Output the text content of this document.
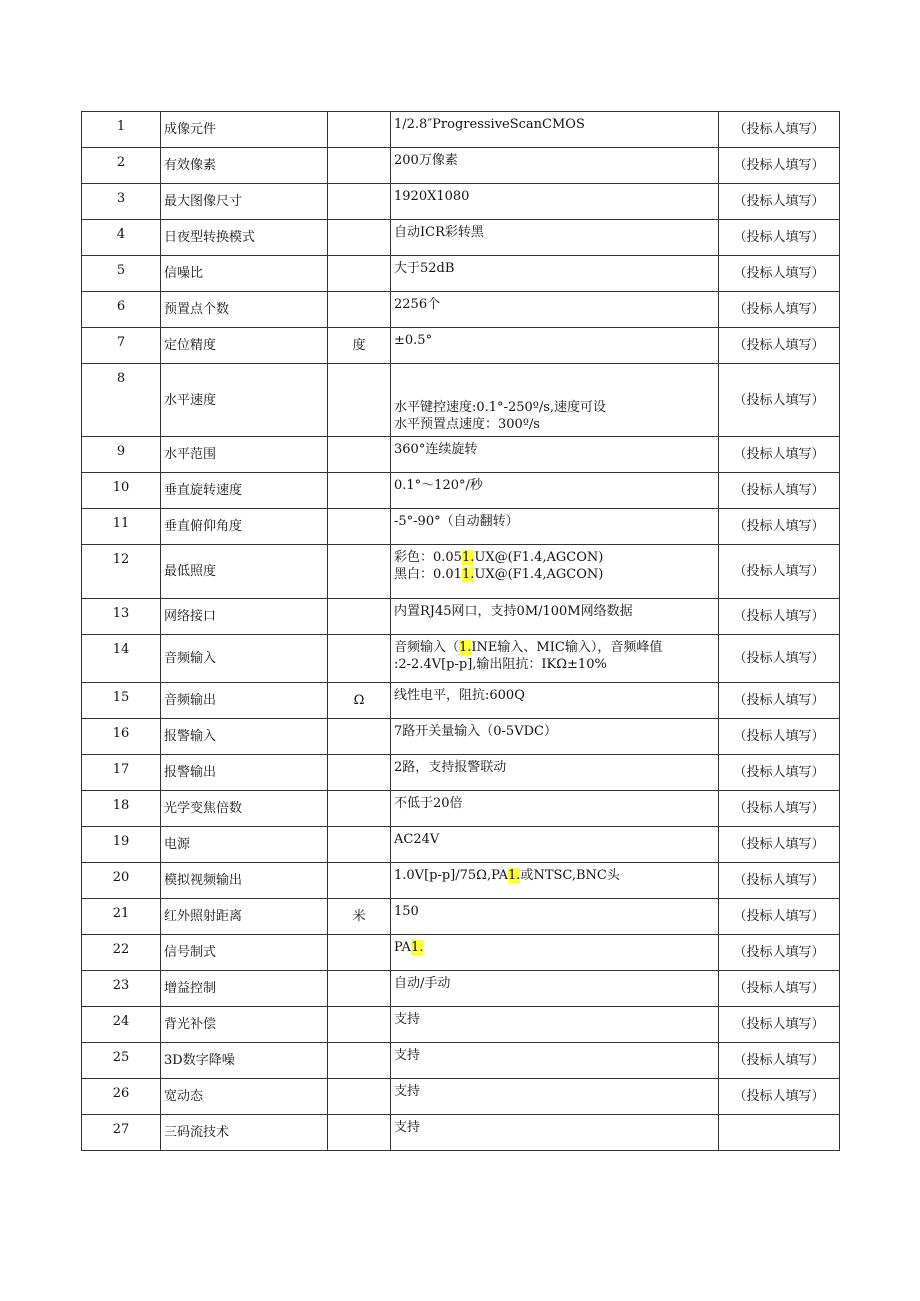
1	成像元件		1/2.8″ProgressiveScanCMOS	（投标人填写）
2	有效像素		200万像素	（投标人填写）
3	最大图像尺寸		1920X1080	（投标人填写）
4	日夜型转换模式		自动ICR彩转黑	（投标人填写）
5	信噪比		大于52dB	（投标人填写）
6	预置点个数		2256个	（投标人填写）
7	定位精度	度	±0.5°	（投标人填写）
8	水平速度		水平键控速度:0.1°-250º/s,速度可设
水平预置点速度：300º/s	（投标人填写）
9	水平范围		360°连续旋转	（投标人填写）
10	垂直旋转速度		0.1°～120°/秒	（投标人填写）
11	垂直俯仰角度		-5°-90°（自动翻转）	（投标人填写）
12	最低照度		彩色：0.051.UX@(F1.4,AGCON)
黑白：0.011.UX@(F1.4,AGCON)	（投标人填写）
13	网络接口		内置RJ45网口，支持0M/100M网络数据	（投标人填写）
14	音频输入		音频输入（1.INE输入、MIC输入），音频峰值
:2-2.4V[p-p],输出阻抗：IKΩ±10%	（投标人填写）
15	音频输出	Ω	线性电平，阻抗:600Q	（投标人填写）
16	报警输入		7路开关量输入（0-5VDC）	（投标人填写）
17	报警输出		2路，支持报警联动	（投标人填写）
18	光学变焦倍数		不低于20倍	（投标人填写）
19	电源		AC24V	（投标人填写）
20	模拟视频输出		1.0V[p-p]/75Ω,PA1.或NTSC,BNC头	（投标人填写）
21	红外照射距离	米	150	（投标人填写）
22	信号制式		PA1.	（投标人填写）
23	增益控制		自动/手动	（投标人填写）
24	背光补偿		支持	（投标人填写）
25	3D数字降噪		支持	（投标人填写）
26	宽动态		支持	（投标人填写）
27	三码流技术		支持	
